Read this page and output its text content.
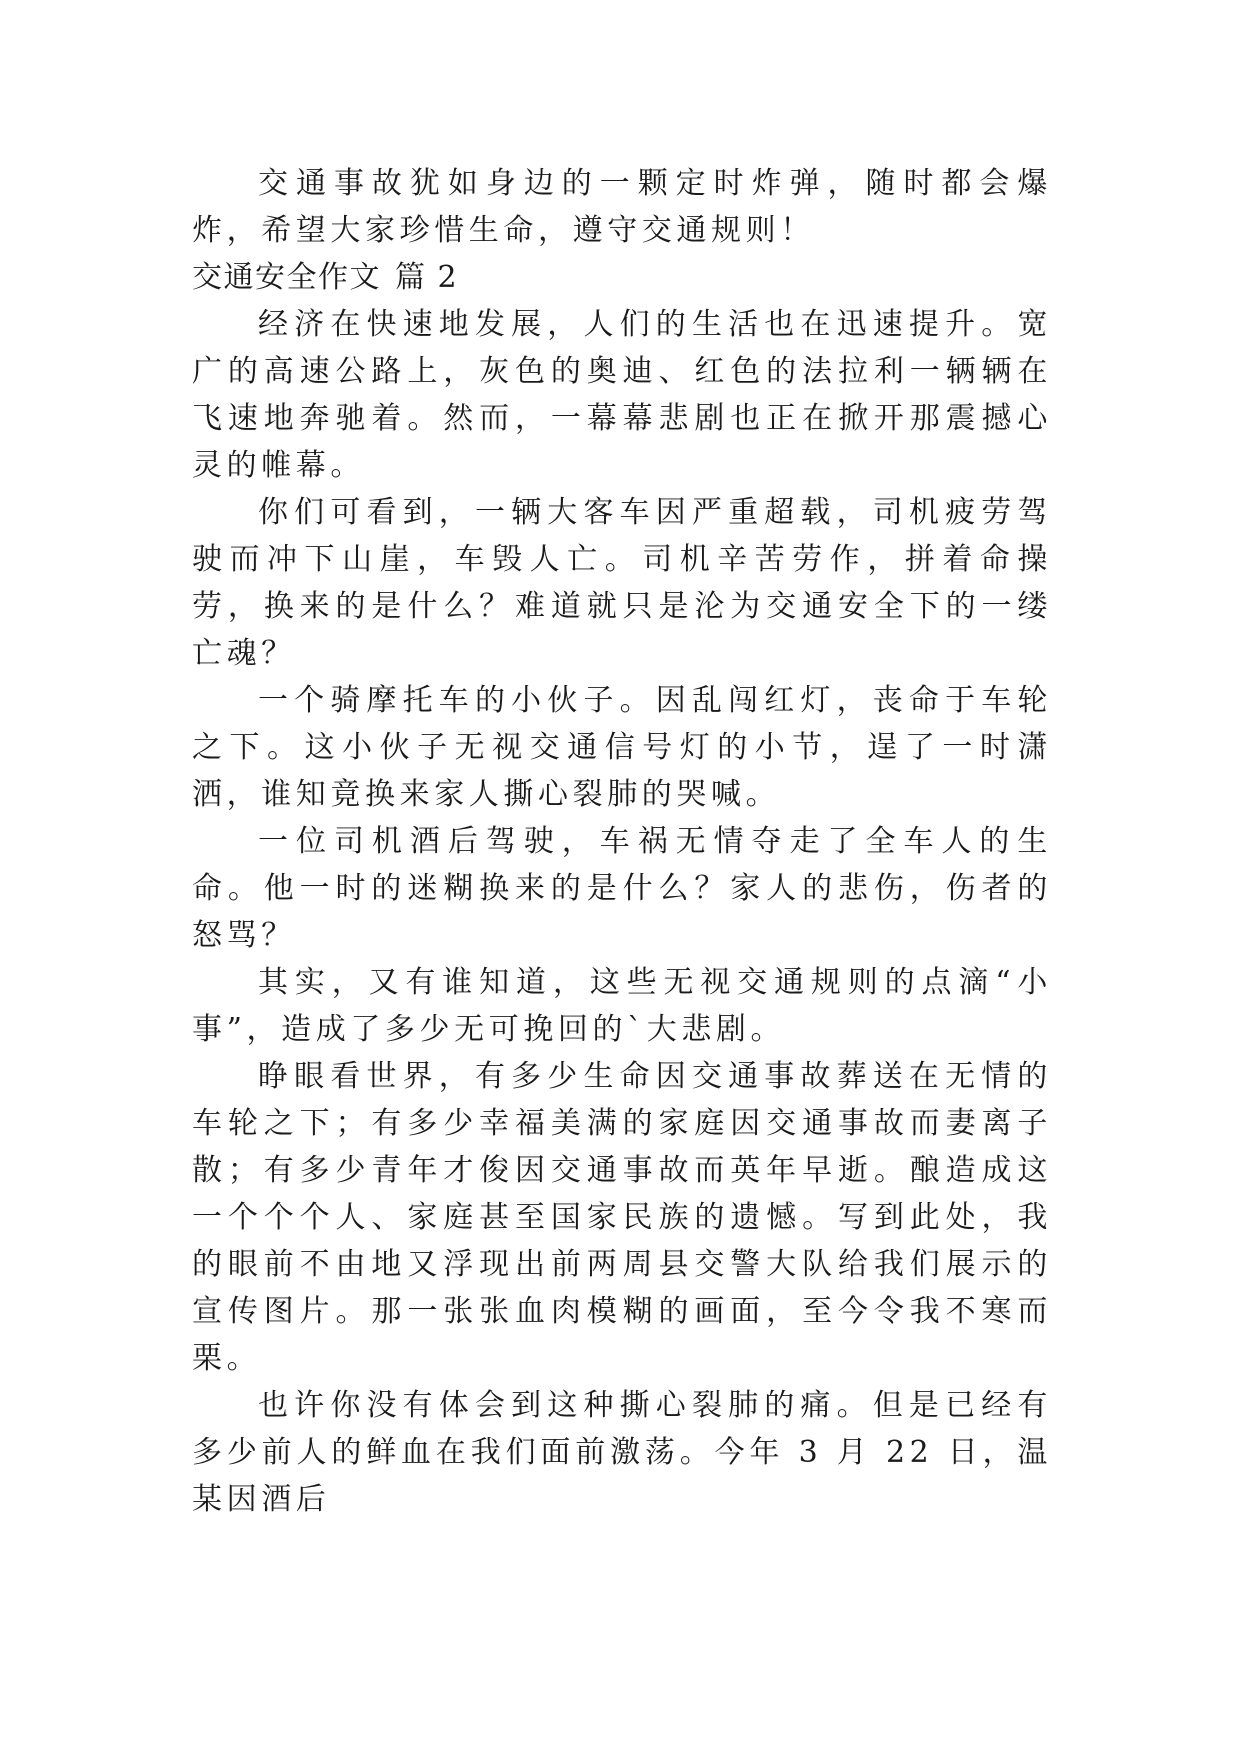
交通事故犹如身边的一颗定时炸弹，随时都会爆炸，希望大家珍惜生命，遵守交通规则！

交通安全作文 篇 2

经济在快速地发展，人们的生活也在迅速提升。宽广的高速公路上，灰色的奥迪、红色的法拉利一辆辆在飞速地奔驰着。然而，一幕幕悲剧也正在掀开那震撼心灵的帷幕。

你们可看到，一辆大客车因严重超载，司机疲劳驾驶而冲下山崖，车毁人亡。司机辛苦劳作，拼着命操劳，换来的是什么？难道就只是沦为交通安全下的一缕亡魂？

一个骑摩托车的小伙子。因乱闯红灯，丧命于车轮之下。这小伙子无视交通信号灯的小节，逞了一时潇洒，谁知竟换来家人撕心裂肺的哭喊。

一位司机酒后驾驶，车祸无情夺走了全车人的生命。他一时的迷糊换来的是什么？家人的悲伤，伤者的怒骂？

其实，又有谁知道，这些无视交通规则的点滴“小事”，造成了多少无可挽回的`大悲剧。

睁眼看世界，有多少生命因交通事故葬送在无情的车轮之下；有多少幸福美满的家庭因交通事故而妻离子散；有多少青年才俊因交通事故而英年早逝。酿造成这一个个个人、家庭甚至国家民族的遗憾。写到此处，我的眼前不由地又浮现出前两周县交警大队给我们展示的宣传图片。那一张张血肉模糊的画面，至今令我不寒而栗。

也许你没有体会到这种撕心裂肺的痛。但是已经有多少前人的鲜血在我们面前激荡。今年 3 月 22 日，温某因酒后
